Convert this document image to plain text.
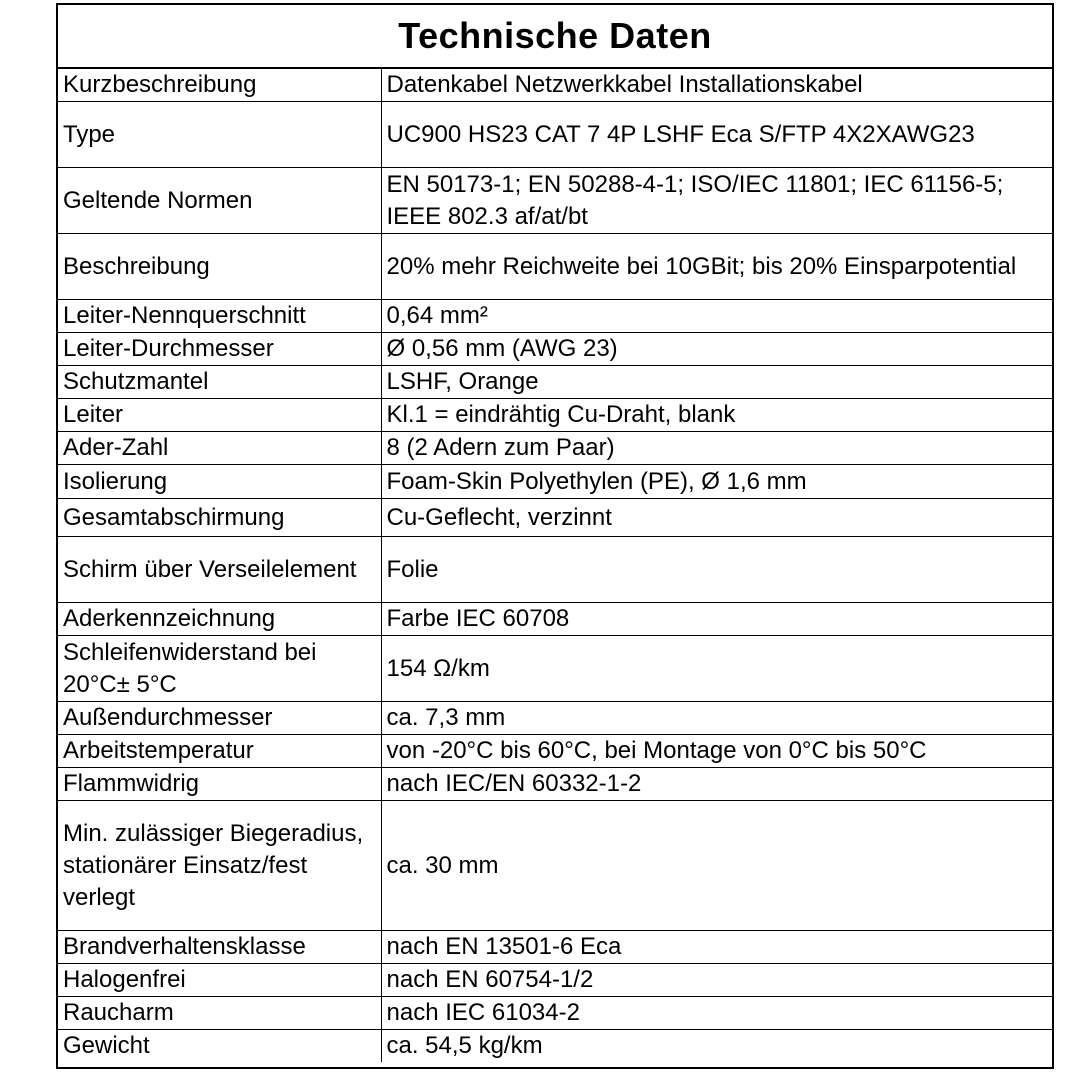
Technische Daten
Kurzbeschreibung	Datenkabel Netzwerkkabel Installationskabel
Type	UC900 HS23 CAT 7 4P LSHF Eca S/FTP 4X2XAWG23
Geltende Normen	EN 50173-1; EN 50288-4-1; ISO/IEC 11801; IEC 61156-5; IEEE 802.3 af/at/bt
Beschreibung	20% mehr Reichweite bei 10GBit; bis 20% Einsparpotential
Leiter-Nennquerschnitt	0,64 mm²
Leiter-Durchmesser	Ø 0,56 mm (AWG 23)
Schutzmantel	LSHF, Orange
Leiter	Kl.1 = eindrähtig Cu-Draht, blank
Ader-Zahl	8 (2 Adern zum Paar)
Isolierung	Foam-Skin Polyethylen (PE), Ø 1,6 mm
Gesamtabschirmung	Cu-Geflecht, verzinnt
Schirm über Verseilelement	Folie
Aderkennzeichnung	Farbe IEC 60708
Schleifenwiderstand bei 20°C± 5°C	154 Ω/km
Außendurchmesser	ca. 7,3 mm
Arbeitstemperatur	von -20°C bis 60°C, bei Montage von 0°C bis 50°C
Flammwidrig	nach IEC/EN 60332-1-2
Min. zulässiger Biegeradius, stationärer Einsatz/fest verlegt	ca. 30 mm
Brandverhaltensklasse	nach EN 13501-6 Eca
Halogenfrei	nach EN 60754-1/2
Raucharm	nach IEC 61034-2
Gewicht	ca. 54,5 kg/km
